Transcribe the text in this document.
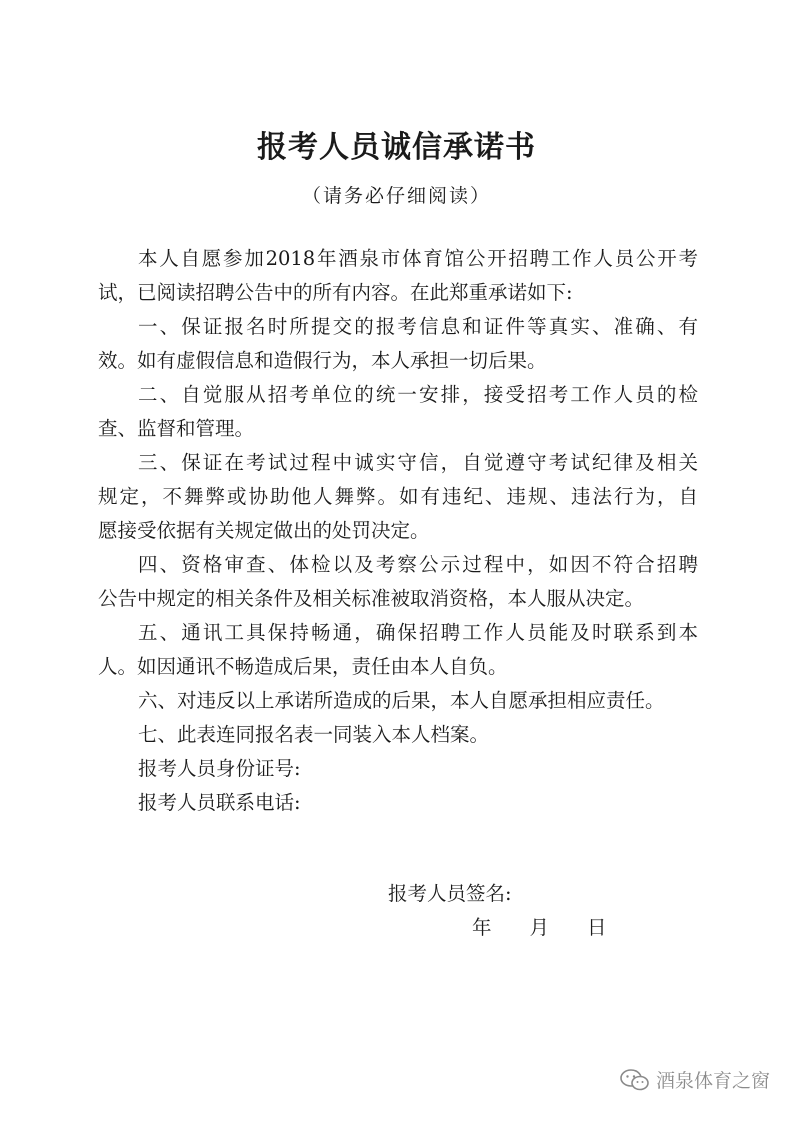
报考人员诚信承诺书
（请务必仔细阅读）
本人自愿参加2018年酒泉市体育馆公开招聘工作人员公开考
试，已阅读招聘公告中的所有内容。在此郑重承诺如下:
一、保证报名时所提交的报考信息和证件等真实、准确、有
效。如有虚假信息和造假行为，本人承担一切后果。
二、自觉服从招考单位的统一安排，接受招考工作人员的检
查、监督和管理。
三、保证在考试过程中诚实守信，自觉遵守考试纪律及相关
规定，不舞弊或协助他人舞弊。如有违纪、违规、违法行为，自
愿接受依据有关规定做出的处罚决定。
四、资格审查、体检以及考察公示过程中，如因不符合招聘
公告中规定的相关条件及相关标准被取消资格，本人服从决定。
五、通讯工具保持畅通，确保招聘工作人员能及时联系到本
人。如因通讯不畅造成后果，责任由本人自负。
六、对违反以上承诺所造成的后果，本人自愿承担相应责任。
七、此表连同报名表一同装入本人档案。
报考人员身份证号:
报考人员联系电话:
报考人员签名:
年 月 日
酒泉体育之窗
